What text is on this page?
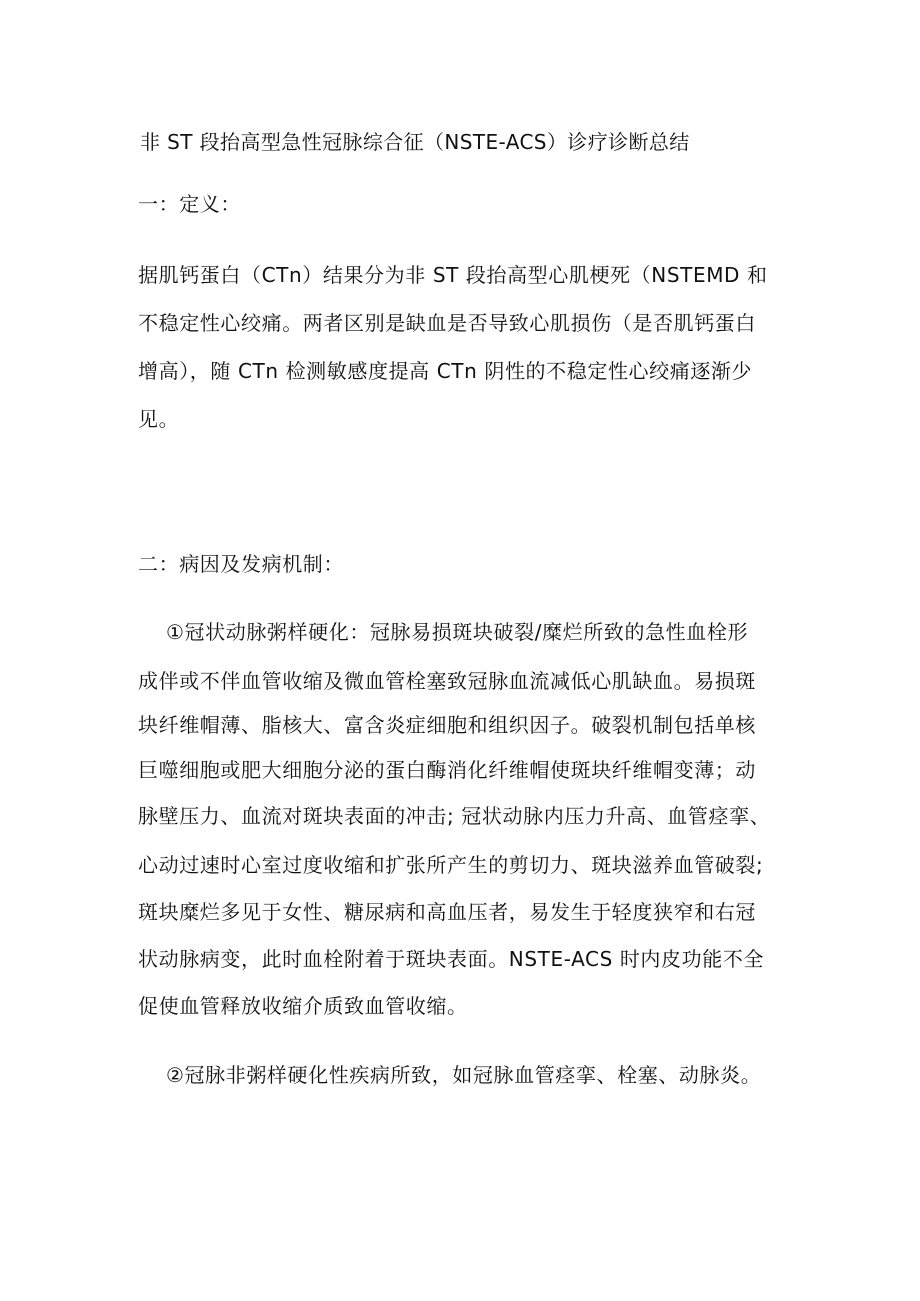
非 ST 段抬高型急性冠脉综合征（NSTE-ACS）诊疗诊断总结
一：定义：
据肌钙蛋白（CTn）结果分为非 ST 段抬高型心肌梗死（NSTEMD 和
不稳定性心绞痛。两者区别是缺血是否导致心肌损伤（是否肌钙蛋白
增高），随 CTn 检测敏感度提高 CTn 阴性的不稳定性心绞痛逐渐少
见。
二：病因及发病机制：
①冠状动脉粥样硬化：冠脉易损斑块破裂/糜烂所致的急性血栓形
成伴或不伴血管收缩及微血管栓塞致冠脉血流减低心肌缺血。易损斑
块纤维帽薄、脂核大、富含炎症细胞和组织因子。破裂机制包括单核
巨噬细胞或肥大细胞分泌的蛋白酶消化纤维帽使斑块纤维帽变薄；动
脉壁压力、血流对斑块表面的冲击; 冠状动脉内压力升高、血管痉挛、
心动过速时心室过度收缩和扩张所产生的剪切力、斑块滋养血管破裂;
斑块糜烂多见于女性、糖尿病和高血压者，易发生于轻度狭窄和右冠
状动脉病变，此时血栓附着于斑块表面。NSTE-ACS 时内皮功能不全
促使血管释放收缩介质致血管收缩。
②冠脉非粥样硬化性疾病所致，如冠脉血管痉挛、栓塞、动脉炎。
